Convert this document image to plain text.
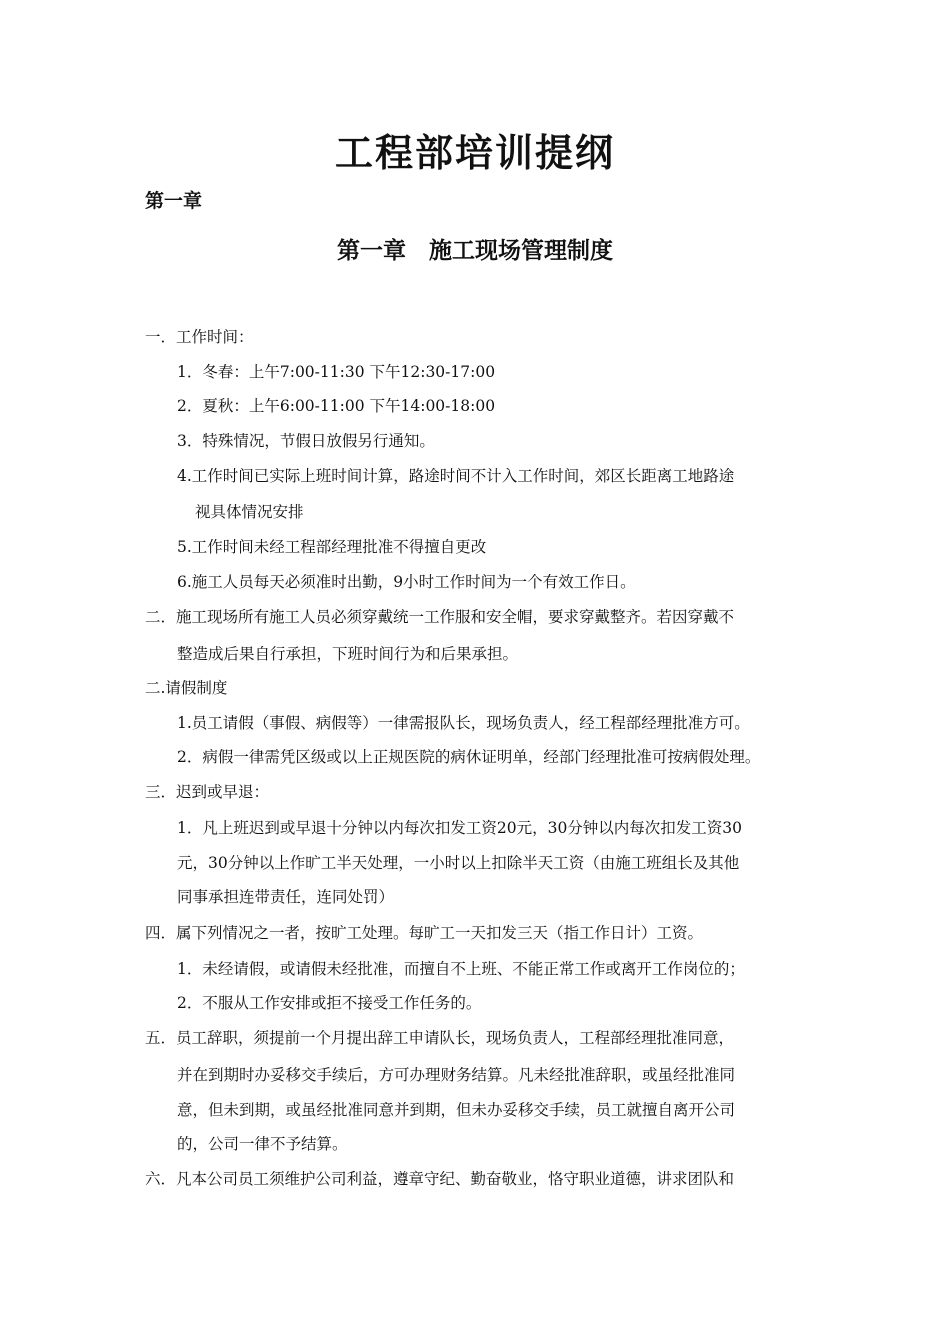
工程部培训提纲
第一章
第一章　施工现场管理制度
一．工作时间：
1．冬春：上午7:00-11:30 下午12:30-17:00
2．夏秋：上午6:00-11:00 下午14:00-18:00
3．特殊情况，节假日放假另行通知。
4.工作时间已实际上班时间计算，路途时间不计入工作时间，郊区长距离工地路途
视具体情况安排
5.工作时间未经工程部经理批准不得擅自更改
6.施工人员每天必须准时出勤，9小时工作时间为一个有效工作日。
二．施工现场所有施工人员必须穿戴统一工作服和安全帽，要求穿戴整齐。若因穿戴不
整造成后果自行承担，下班时间行为和后果承担。
二.请假制度
1.员工请假（事假、病假等）一律需报队长，现场负责人，经工程部经理批准方可。
2．病假一律需凭区级或以上正规医院的病休证明单，经部门经理批准可按病假处理。
三．迟到或早退：
1．凡上班迟到或早退十分钟以内每次扣发工资20元，30分钟以内每次扣发工资30
元，30分钟以上作旷工半天处理，一小时以上扣除半天工资（由施工班组长及其他
同事承担连带责任，连同处罚）
四．属下列情况之一者，按旷工处理。每旷工一天扣发三天（指工作日计）工资。
1．未经请假，或请假未经批准，而擅自不上班、不能正常工作或离开工作岗位的；
2．不服从工作安排或拒不接受工作任务的。
五．员工辞职，须提前一个月提出辞工申请队长，现场负责人，工程部经理批准同意，
并在到期时办妥移交手续后，方可办理财务结算。凡未经批准辞职，或虽经批准同
意，但未到期，或虽经批准同意并到期，但未办妥移交手续，员工就擅自离开公司
的，公司一律不予结算。
六．凡本公司员工须维护公司利益，遵章守纪、勤奋敬业，恪守职业道德，讲求团队和
